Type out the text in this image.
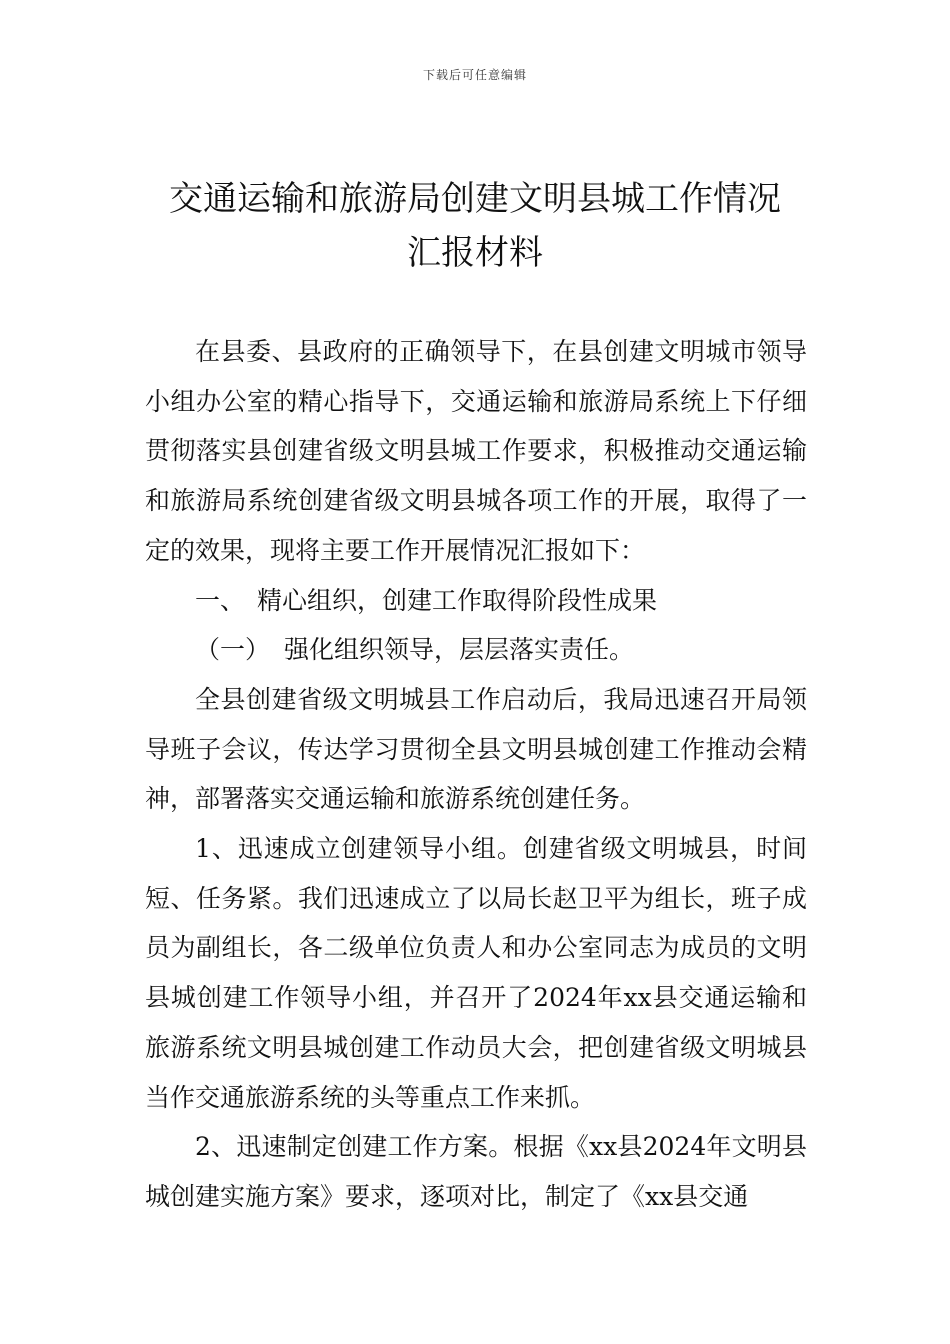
下载后可任意编辑
交通运输和旅游局创建文明县城工作情况
汇报材料

在县委、县政府的正确领导下，在县创建文明城市领导小组办公室的精心指导下，交通运输和旅游局系统上下仔细贯彻落实县创建省级文明县城工作要求，积极推动交通运输和旅游局系统创建省级文明县城各项工作的开展，取得了一定的效果，现将主要工作开展情况汇报如下：

一、 精心组织，创建工作取得阶段性成果

（一） 强化组织领导，层层落实责任。

全县创建省级文明城县工作启动后，我局迅速召开局领导班子会议，传达学习贯彻全县文明县城创建工作推动会精神，部署落实交通运输和旅游系统创建任务。

1、迅速成立创建领导小组。创建省级文明城县，时间短、任务紧。我们迅速成立了以局长赵卫平为组长，班子成员为副组长，各二级单位负责人和办公室同志为成员的文明县城创建工作领导小组，并召开了2024年xx县交通运输和旅游系统文明县城创建工作动员大会，把创建省级文明城县当作交通旅游系统的头等重点工作来抓。

2、迅速制定创建工作方案。根据《xx县2024年文明县城创建实施方案》要求，逐项对比，制定了《xx县交通
